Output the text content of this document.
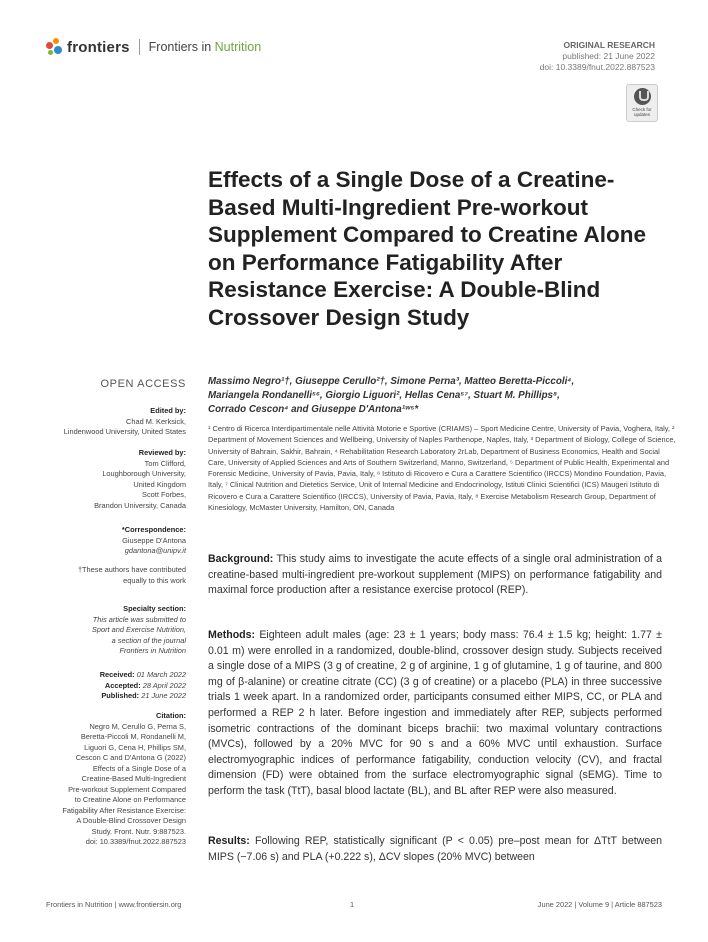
frontiers Frontiers in Nutrition	ORIGINAL RESEARCH
published: 21 June 2022
doi: 10.3389/fnut.2022.887523
Check for updates
Effects of a Single Dose of a Creatine-Based Multi-Ingredient Pre-workout Supplement Compared to Creatine Alone on Performance Fatigability After Resistance Exercise: A Double-Blind Crossover Design Study
Massimo Negro¹†, Giuseppe Cerullo²†, Simone Perna³, Matteo Beretta-Piccoli⁴,
Mariangela Rondanelli⁵⁶, Giorgio Liguori², Hellas Cena⁵⁷, Stuart M. Phillips⁸,
Corrado Cescon⁴ and Giuseppe D'Antona¹ʷ⁵*
¹ Centro di Ricerca Interdipartimentale nelle Attività Motorie e Sportive (CRIAMS) – Sport Medicine Centre, University of Pavia, Voghera, Italy, ² Department of Movement Sciences and Wellbeing, University of Naples Parthenope, Naples, Italy, ³ Department of Biology, College of Science, University of Bahrain, Sakhir, Bahrain, ⁴ Rehabilitation Research Laboratory 2rLab, Department of Business Economics, Health and Social Care, University of Applied Sciences and Arts of Southern Switzerland, Manno, Switzerland, ⁵ Department of Public Health, Experimental and Forensic Medicine, University of Pavia, Pavia, Italy, ⁶ Istituto di Ricovero e Cura a Carattere Scientifico (IRCCS) Mondino Foundation, Pavia, Italy, ⁷ Clinical Nutrition and Dietetics Service, Unit of Internal Medicine and Endocrinology, Istituti Clinici Scientifici (ICS) Maugeri Istituto di Ricovero e Cura a Carattere Scientifico (IRCCS), University of Pavia, Pavia, Italy, ⁸ Exercise Metabolism Research Group, Department of Kinesiology, McMaster University, Hamilton, ON, Canada
OPEN ACCESS
Edited by:
Chad M. Kerksick,
Lindenwood University, United States
Reviewed by:
Tom Clifford,
Loughborough University,
United Kingdom
Scott Forbes,
Brandon University, Canada
*Correspondence:
Giuseppe D'Antona
gdantona@unipv.it
†These authors have contributed
equally to this work
Specialty section:
This article was submitted to
Sport and Exercise Nutrition,
a section of the journal
Frontiers in Nutrition
Received: 01 March 2022
Accepted: 28 April 2022
Published: 21 June 2022
Citation:
Negro M, Cerullo G, Perna S,
Beretta-Piccoli M, Rondanelli M,
Liguori G, Cena H, Phillips SM,
Cescon C and D'Antona G (2022)
Effects of a Single Dose of a
Creatine-Based Multi-Ingredient
Pre-workout Supplement Compared
to Creatine Alone on Performance
Fatigability After Resistance Exercise:
A Double-Blind Crossover Design
Study. Front. Nutr. 9:887523.
doi: 10.3389/fnut.2022.887523

Background: This study aims to investigate the acute effects of a single oral administration of a creatine-based multi-ingredient pre-workout supplement (MIPS) on performance fatigability and maximal force production after a resistance exercise protocol (REP).

Methods: Eighteen adult males (age: 23 ± 1 years; body mass: 76.4 ± 1.5 kg; height: 1.77 ± 0.01 m) were enrolled in a randomized, double-blind, crossover design study. Subjects received a single dose of a MIPS (3 g of creatine, 2 g of arginine, 1 g of glutamine, 1 g of taurine, and 800 mg of β-alanine) or creatine citrate (CC) (3 g of creatine) or a placebo (PLA) in three successive trials 1 week apart. In a randomized order, participants consumed either MIPS, CC, or PLA and performed a REP 2 h later. Before ingestion and immediately after REP, subjects performed isometric contractions of the dominant biceps brachii: two maximal voluntary contractions (MVCs), followed by a 20% MVC for 90 s and a 60% MVC until exhaustion. Surface electromyographic indices of performance fatigability, conduction velocity (CV), and fractal dimension (FD) were obtained from the surface electromyographic signal (sEMG). Time to perform the task (TtT), basal blood lactate (BL), and BL after REP were also measured.

Results: Following REP, statistically significant (P < 0.05) pre–post mean for ΔTtT between MIPS (−7.06 s) and PLA (+0.222 s), ΔCV slopes (20% MVC) between

Frontiers in Nutrition | www.frontiersin.org	1	June 2022 | Volume 9 | Article 887523
